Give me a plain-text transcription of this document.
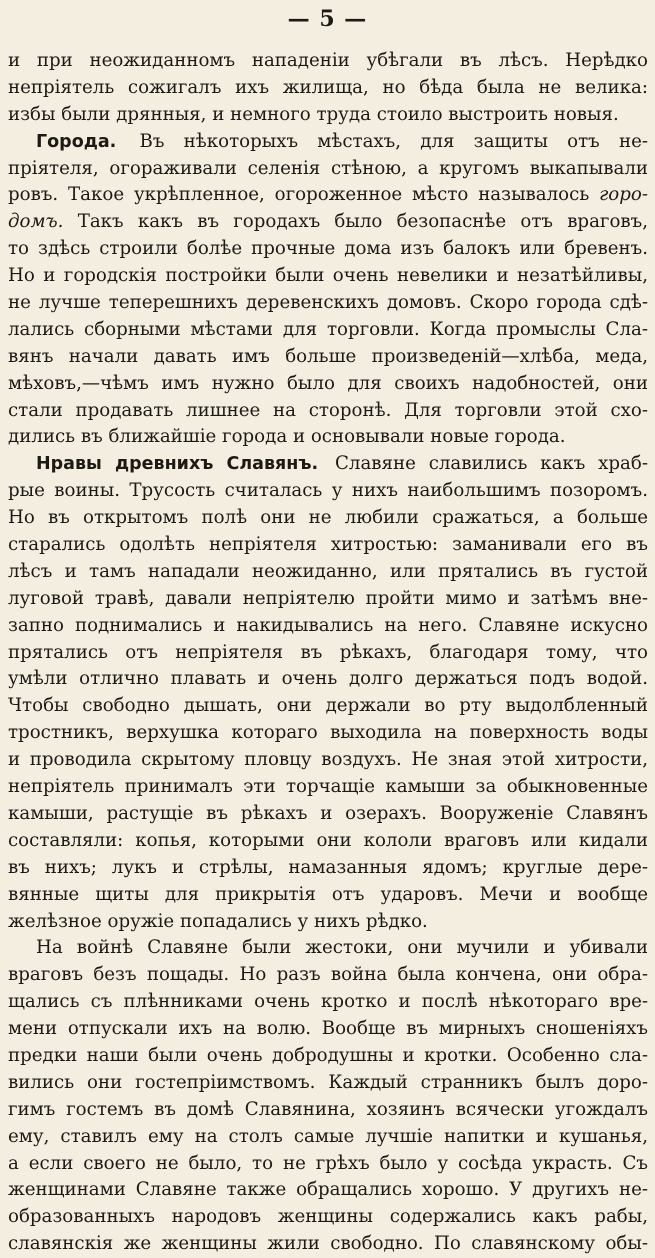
— 5 —
и при неожиданномъ нападеніи убѣгали въ лѣсъ. Нерѣдко
непріятель сожигалъ ихъ жилища, но бѣда была не велика:
избы были дрянныя, и немного труда стоило выстроить новыя.
Города. Въ нѣкоторыхъ мѣстахъ, для защиты отъ не-
пріятеля, огораживали селенія стѣною, а кругомъ выкапывали
ровъ. Такое укрѣпленное, огороженное мѣсто называлось горо-
домъ. Такъ какъ въ городахъ было безопаснѣе отъ враговъ,
то здѣсь строили болѣе прочные дома изъ балокъ или бревенъ.
Но и городскія постройки были очень невелики и незатѣйливы,
не лучше теперешнихъ деревенскихъ домовъ. Скоро города сдѣ-
лались сборными мѣстами для торговли. Когда промыслы Сла-
вянъ начали давать имъ больше произведеній—хлѣба, меда,
мѣховъ,—чѣмъ имъ нужно было для своихъ надобностей, они
стали продавать лишнее на сторонѣ. Для торговли этой схо-
дились въ ближайшіе города и основывали новые города.
Нравы древнихъ Славянъ. Славяне славились какъ храб-
рые воины. Трусость считалась у нихъ наибольшимъ позоромъ.
Но въ открытомъ полѣ они не любили сражаться, а больше
старались одолѣть непріятеля хитростью: заманивали его въ
лѣсъ и тамъ нападали неожиданно, или прятались въ густой
луговой травѣ, давали непріятелю пройти мимо и затѣмъ вне-
запно поднимались и накидывались на него. Славяне искусно
прятались отъ непріятеля въ рѣкахъ, благодаря тому, что
умѣли отлично плавать и очень долго держаться подъ водой.
Чтобы свободно дышать, они держали во рту выдолбленный
тростникъ, верхушка котораго выходила на поверхность воды
и проводила скрытому пловцу воздухъ. Не зная этой хитрости,
непріятель принималъ эти торчащіе камыши за обыкновенные
камыши, растущіе въ рѣкахъ и озерахъ. Вооруженіе Славянъ
составляли: копья, которыми они кололи враговъ или кидали
въ нихъ; лукъ и стрѣлы, намазанныя ядомъ; круглые дере-
вянные щиты для прикрытія отъ ударовъ. Мечи и вообще
желѣзное оружіе попадались у нихъ рѣдко.
На войнѣ Славяне были жестоки, они мучили и убивали
враговъ безъ пощады. Но разъ война была кончена, они обра-
щались съ плѣнниками очень кротко и послѣ нѣкотораго вре-
мени отпускали ихъ на волю. Вообще въ мирныхъ сношеніяхъ
предки наши были очень добродушны и кротки. Особенно сла-
вились они гостепріимствомъ. Каждый странникъ былъ доро-
гимъ гостемъ въ домѣ Славянина, хозяинъ всячески угождалъ
ему, ставилъ ему на столъ самые лучшіе напитки и кушанья,
а если своего не было, то не грѣхъ было у сосѣда украсть. Съ
женщинами Славяне также обращались хорошо. У другихъ не-
образованныхъ народовъ женщины содержались какъ рабы,
славянскія же женщины жили свободно. По славянскому обы-
